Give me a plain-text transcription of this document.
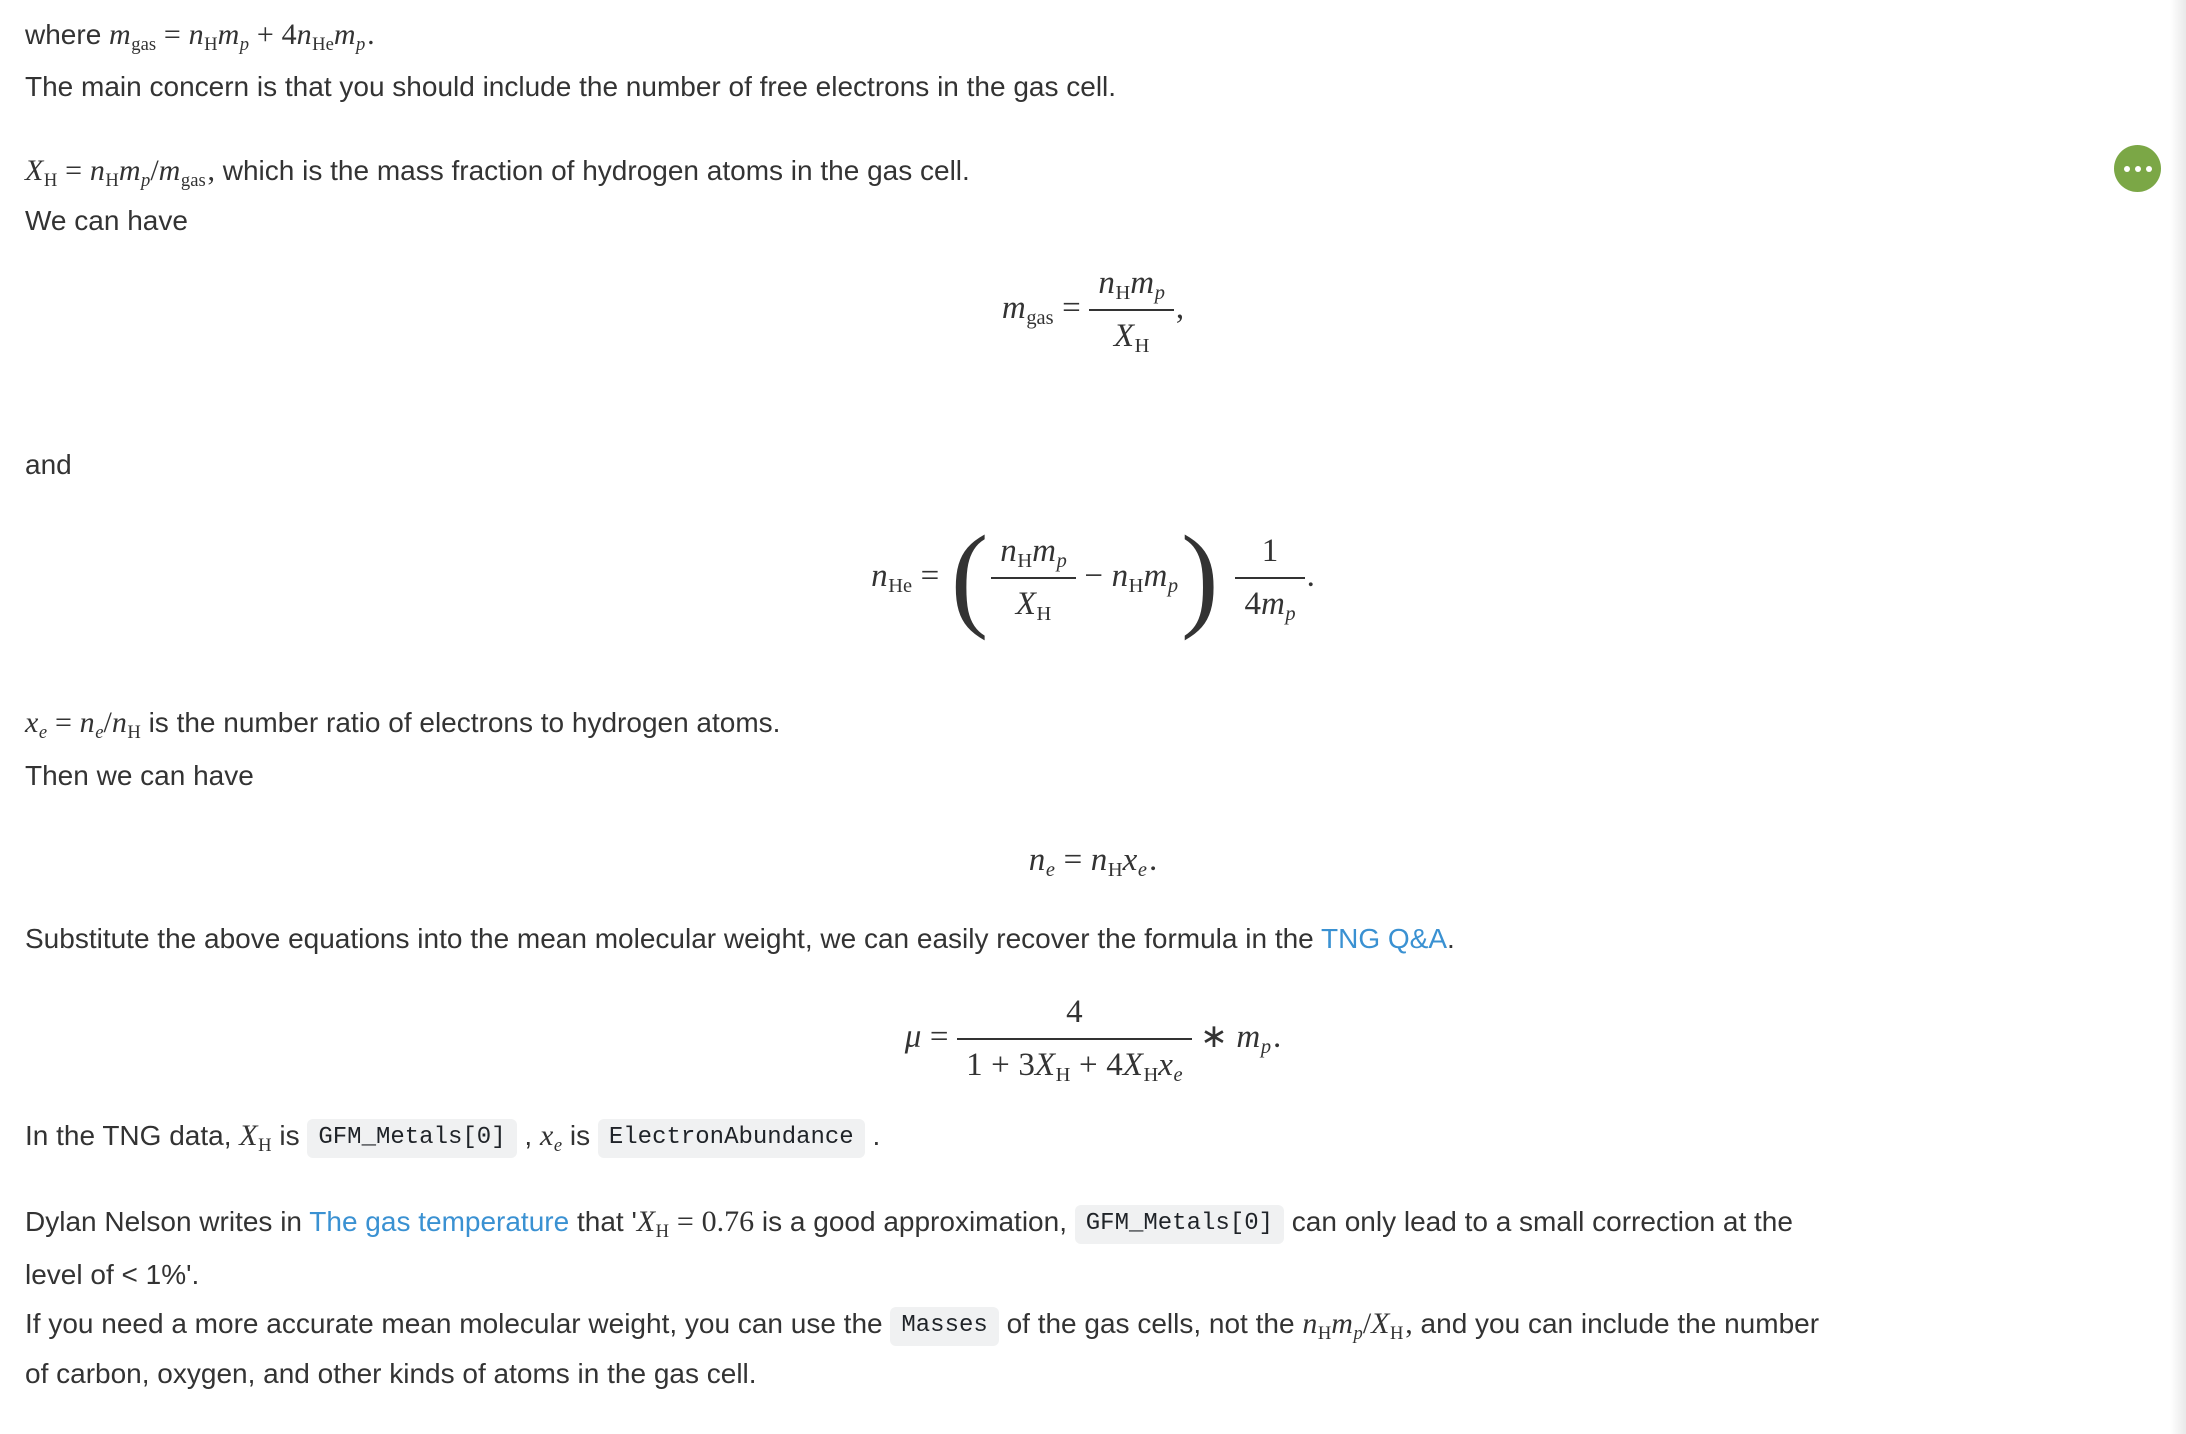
where mgas = nHmp + 4nHemp.
The main concern is that you should include the number of free electrons in the gas cell.
XH = nHmp/mgas, which is the mass fraction of hydrogen atoms in the gas cell.
We can have
mgas = $\frac{\text{nHmp}}{XH}$ ,
and
nHe = ( $\frac{\text{nHmp}}{XH}$ − nHmp) $\frac{1}{4mp}$ .
xe = ne/nH is the number ratio of electrons to hydrogen atoms.
Then we can have
ne = nHxe.
Substitute the above equations into the mean molecular weight, we can easily recover the formula in the TNG Q&A.
$\mu = \frac{4}{\text{1 + 3XH + 4XHxe}}$ ∗ mp.
In the TNG data, XH is GFM_Metals[0] , xe is ElectronAbundance .
Dylan Nelson writes in The gas temperature that 'XH = 0.76 is a good approximation, GFM_Metals[0] can only lead to a small correction at the
level of < 1%'.
If you need a more accurate mean molecular weight, you can use the Masses of the gas cells, not the nHmp/XH, and you can include the number
of carbon, oxygen, and other kinds of atoms in the gas cell.
